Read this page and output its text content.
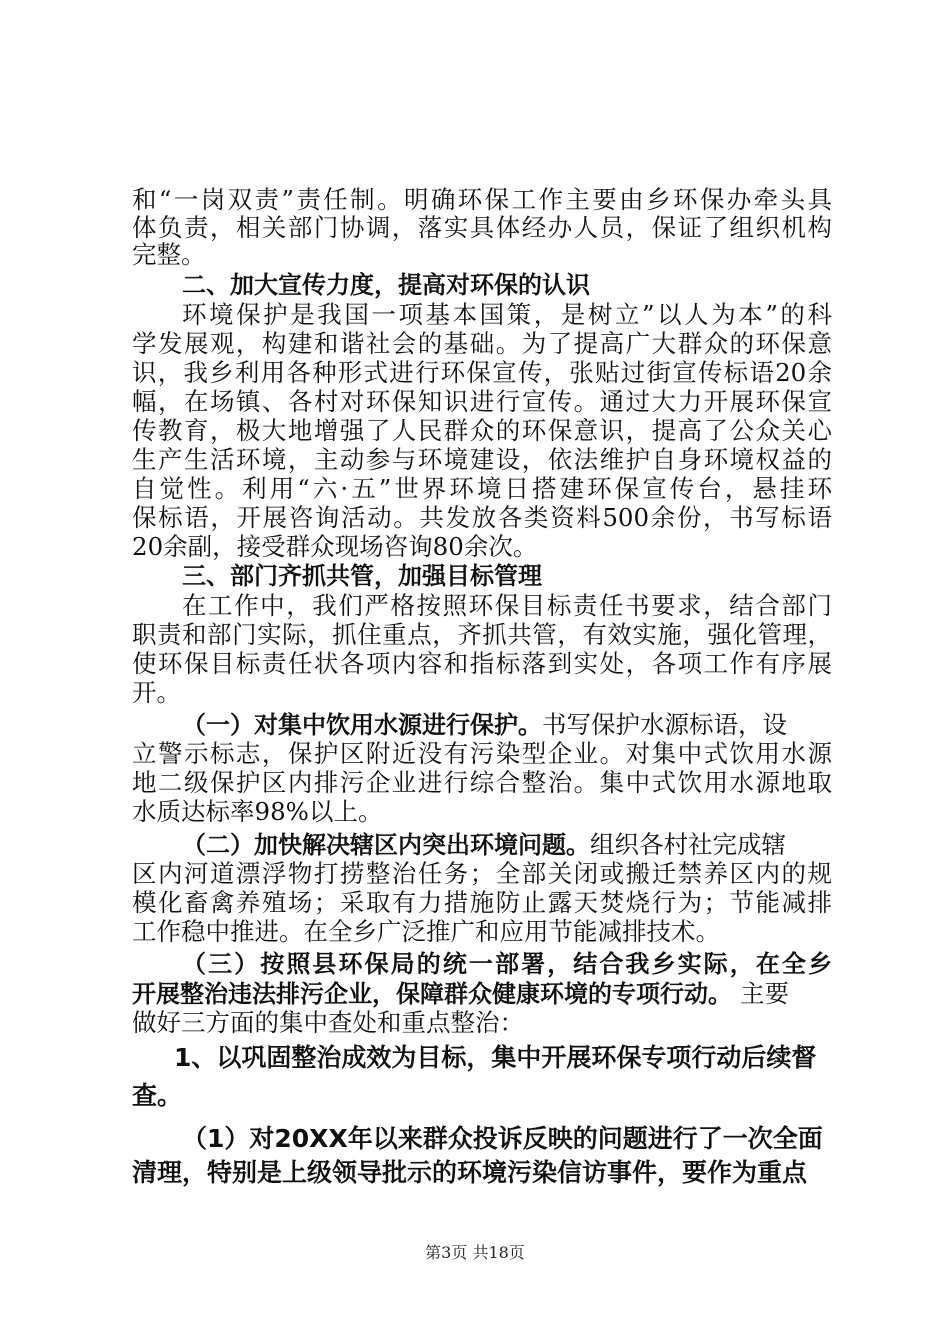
和“一岗双责”责任制。明确环保工作主要由乡环保办牵头具
体负责，相关部门协调，落实具体经办人员，保证了组织机构
完整。
二、加大宣传力度，提高对环保的认识
环境保护是我国一项基本国策，是树立”以人为本”的科
学发展观，构建和谐社会的基础。为了提高广大群众的环保意
识，我乡利用各种形式进行环保宣传，张贴过街宣传标语20余
幅，在场镇、各村对环保知识进行宣传。通过大力开展环保宣
传教育，极大地增强了人民群众的环保意识，提高了公众关心
生产生活环境，主动参与环境建设，依法维护自身环境权益的
自觉性。利用“六·五”世界环境日搭建环保宣传台，悬挂环
保标语，开展咨询活动。共发放各类资料500余份，书写标语
20余副，接受群众现场咨询80余次。
三、部门齐抓共管，加强目标管理
在工作中，我们严格按照环保目标责任书要求，结合部门
职责和部门实际，抓住重点，齐抓共管，有效实施，强化管理，
使环保目标责任状各项内容和指标落到实处，各项工作有序展
开。
（一）对集中饮用水源进行保护。书写保护水源标语，设
立警示标志，保护区附近没有污染型企业。对集中式饮用水源
地二级保护区内排污企业进行综合整治。集中式饮用水源地取
水质达标率98%以上。
（二）加快解决辖区内突出环境问题。组织各村社完成辖
区内河道漂浮物打捞整治任务；全部关闭或搬迁禁养区内的规
模化畜禽养殖场；采取有力措施防止露天焚烧行为；节能减排
工作稳中推进。在全乡广泛推广和应用节能减排技术。
（三）按照县环保局的统一部署，结合我乡实际，在全乡
开展整治违法排污企业，保障群众健康环境的专项行动。 主要
做好三方面的集中查处和重点整治：
1、以巩固整治成效为目标，集中开展环保专项行动后续督
查。
（1）对20XX年以来群众投诉反映的问题进行了一次全面
清理，特别是上级领导批示的环境污染信访事件，要作为重点
第3页 共18页
